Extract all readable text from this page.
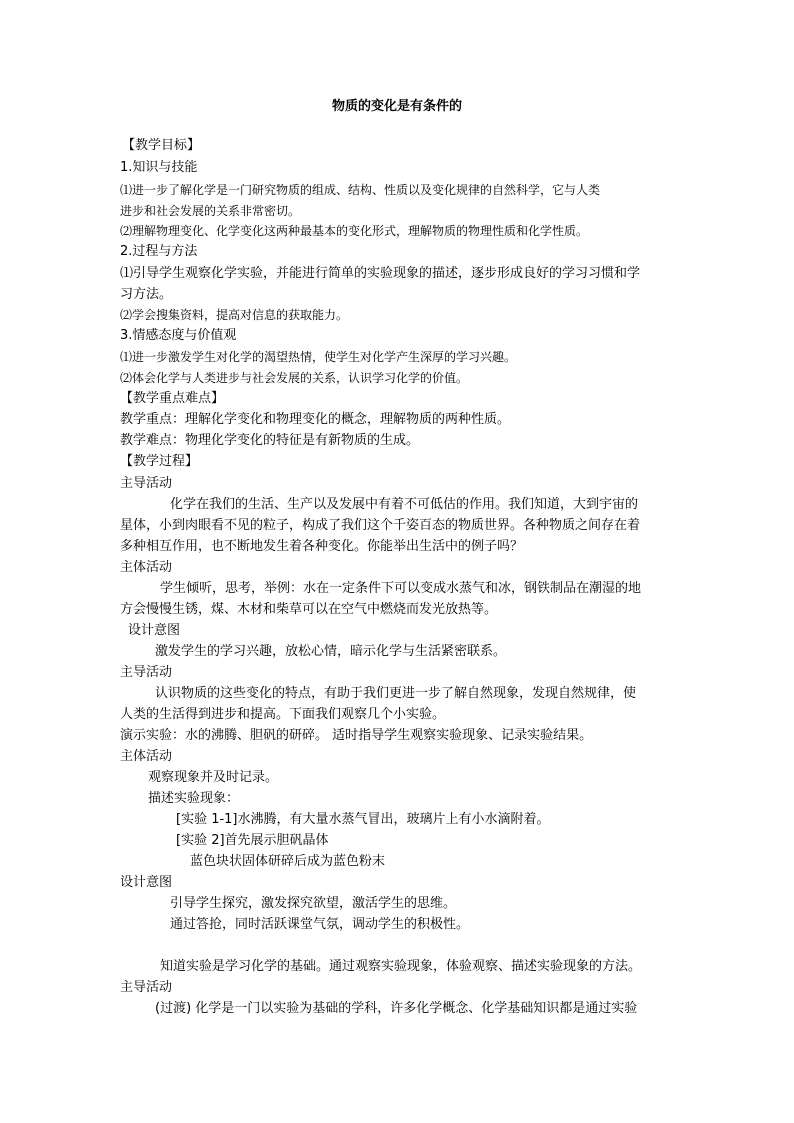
物质的变化是有条件的
【教学目标】
1.知识与技能
⑴进一步了解化学是一门研究物质的组成、结构、性质以及变化规律的自然科学，它与人类
进步和社会发展的关系非常密切。
⑵理解物理变化、化学变化这两种最基本的变化形式，理解物质的物理性质和化学性质。
2.过程与方法
⑴引导学生观察化学实验，并能进行简单的实验现象的描述，逐步形成良好的学习习惯和学
习方法。
⑵学会搜集资料，提高对信息的获取能力。
3.情感态度与价值观
⑴进一步激发学生对化学的渴望热情，使学生对化学产生深厚的学习兴趣。
⑵体会化学与人类进步与社会发展的关系，认识学习化学的价值。
【教学重点难点】
教学重点：理解化学变化和物理变化的概念，理解物质的两种性质。
教学难点：物理化学变化的特征是有新物质的生成。
【教学过程】
主导活动
化学在我们的生活、生产以及发展中有着不可低估的作用。我们知道，大到宇宙的
星体，小到肉眼看不见的粒子，构成了我们这个千姿百态的物质世界。各种物质之间存在着
多种相互作用，也不断地发生着各种变化。你能举出生活中的例子吗？
主体活动
学生倾听，思考，举例：水在一定条件下可以变成水蒸气和冰，钢铁制品在潮湿的地
方会慢慢生锈，煤、木材和柴草可以在空气中燃烧而发光放热等。
设计意图
激发学生的学习兴趣，放松心情，暗示化学与生活紧密联系。
主导活动
认识物质的这些变化的特点，有助于我们更进一步了解自然现象，发现自然规律，使
人类的生活得到进步和提高。下面我们观察几个小实验。
演示实验：水的沸腾、胆矾的研碎。 适时指导学生观察实验现象、记录实验结果。
主体活动
观察现象并及时记录。
描述实验现象：
[实验 1-1]水沸腾，有大量水蒸气冒出，玻璃片上有小水滴附着。
[实验 2]首先展示胆矾晶体
蓝色块状固体研碎后成为蓝色粉末
设计意图
引导学生探究，激发探究欲望，激活学生的思维。
通过答抢，同时活跃课堂气氛，调动学生的积极性。
知道实验是学习化学的基础。通过观察实验现象，体验观察、描述实验现象的方法。
主导活动
(过渡) 化学是一门以实验为基础的学科，许多化学概念、化学基础知识都是通过实验
